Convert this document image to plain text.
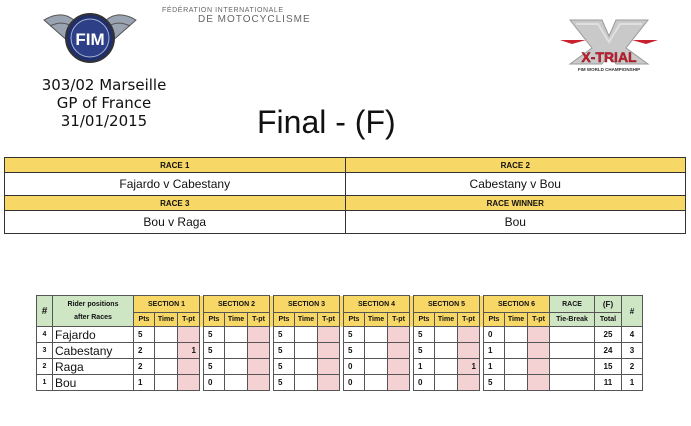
FIM
FÉDÉRATION INTERNATIONALE
DE MOTOCYCLISME
303/02 Marseille
GP of France
31/01/2015	Final - (F)
X-TRIAL
FIM WORLD CHAMPIONSHIP
RACE 1	RACE 2
Fajardo v Cabestany	Cabestany v Bou
RACE 3	RACE WINNER
Bou v Raga	Bou
#	Rider positions
after Races	SECTION 1				SECTION 2				SECTION 3				SECTION 4				SECTION 5				SECTION 6			RACE	(F)	#
		Pts	Time	T-pt		Pts	Time	T-pt		Pts	Time	T-pt		Pts	Time	T-pt		Pts	Time	T-pt		Pts	Time	T-pt	Tie-Break	Total	
4	Fajardo	5				5				5				5				5				0				25	4
3	Cabestany	2		1		5				5				5				5				1				24	3
2	Raga	2				5				5				0				1		1		1				15	2
1	Bou	1				0				5				0				0				5				11	1
